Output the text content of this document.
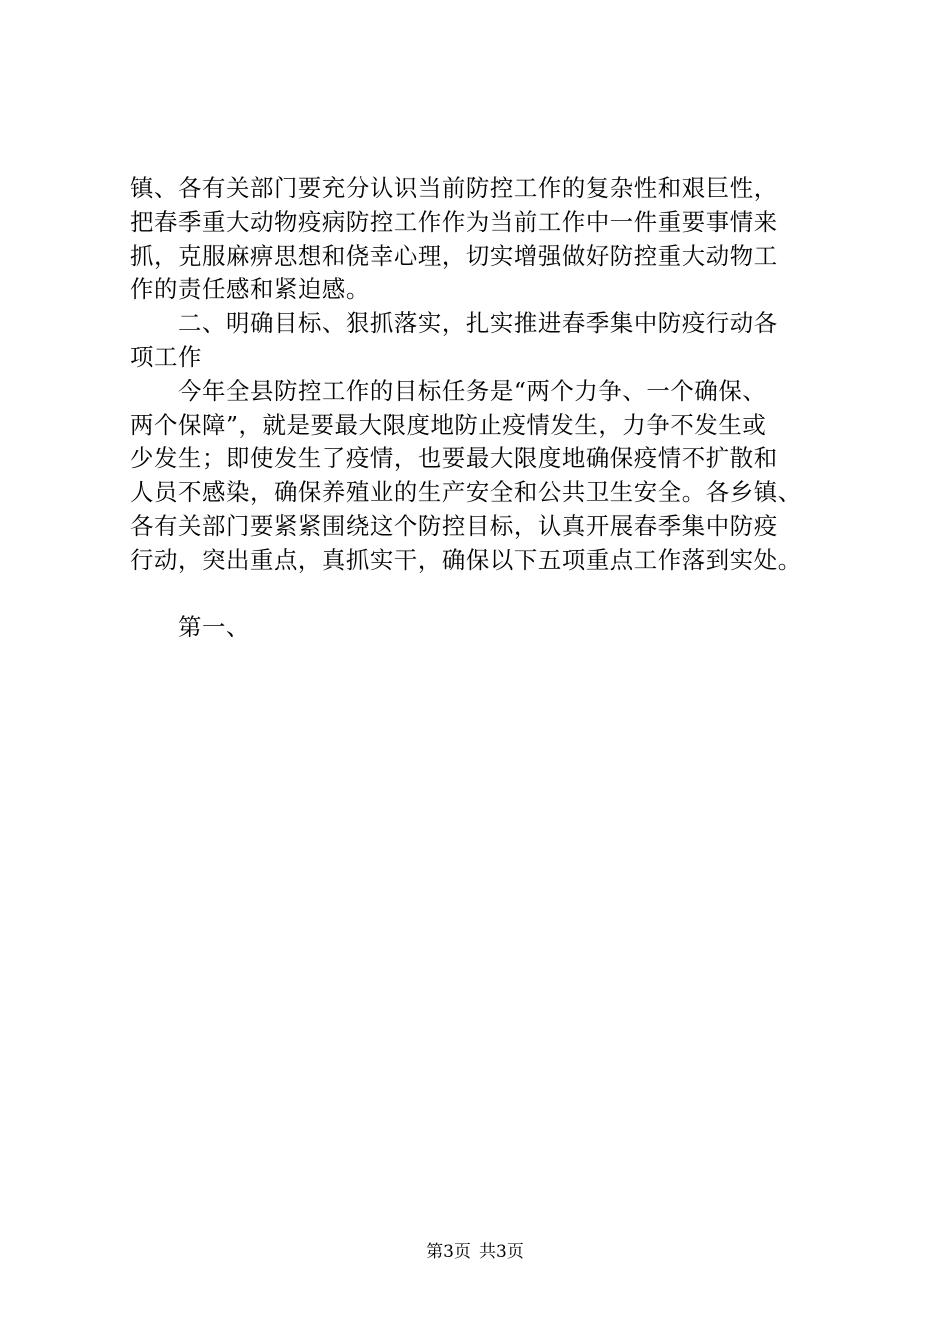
镇、各有关部门要充分认识当前防控工作的复杂性和艰巨性，
把春季重大动物疫病防控工作作为当前工作中一件重要事情来
抓，克服麻痹思想和侥幸心理，切实增强做好防控重大动物工
作的责任感和紧迫感。
二、明确目标、狠抓落实，扎实推进春季集中防疫行动各
项工作
今年全县防控工作的目标任务是“两个力争、一个确保、
两个保障”，就是要最大限度地防止疫情发生，力争不发生或
少发生；即使发生了疫情，也要最大限度地确保疫情不扩散和
人员不感染，确保养殖业的生产安全和公共卫生安全。各乡镇、
各有关部门要紧紧围绕这个防控目标，认真开展春季集中防疫
行动，突出重点，真抓实干，确保以下五项重点工作落到实处。
第一、
第3页 共3页
